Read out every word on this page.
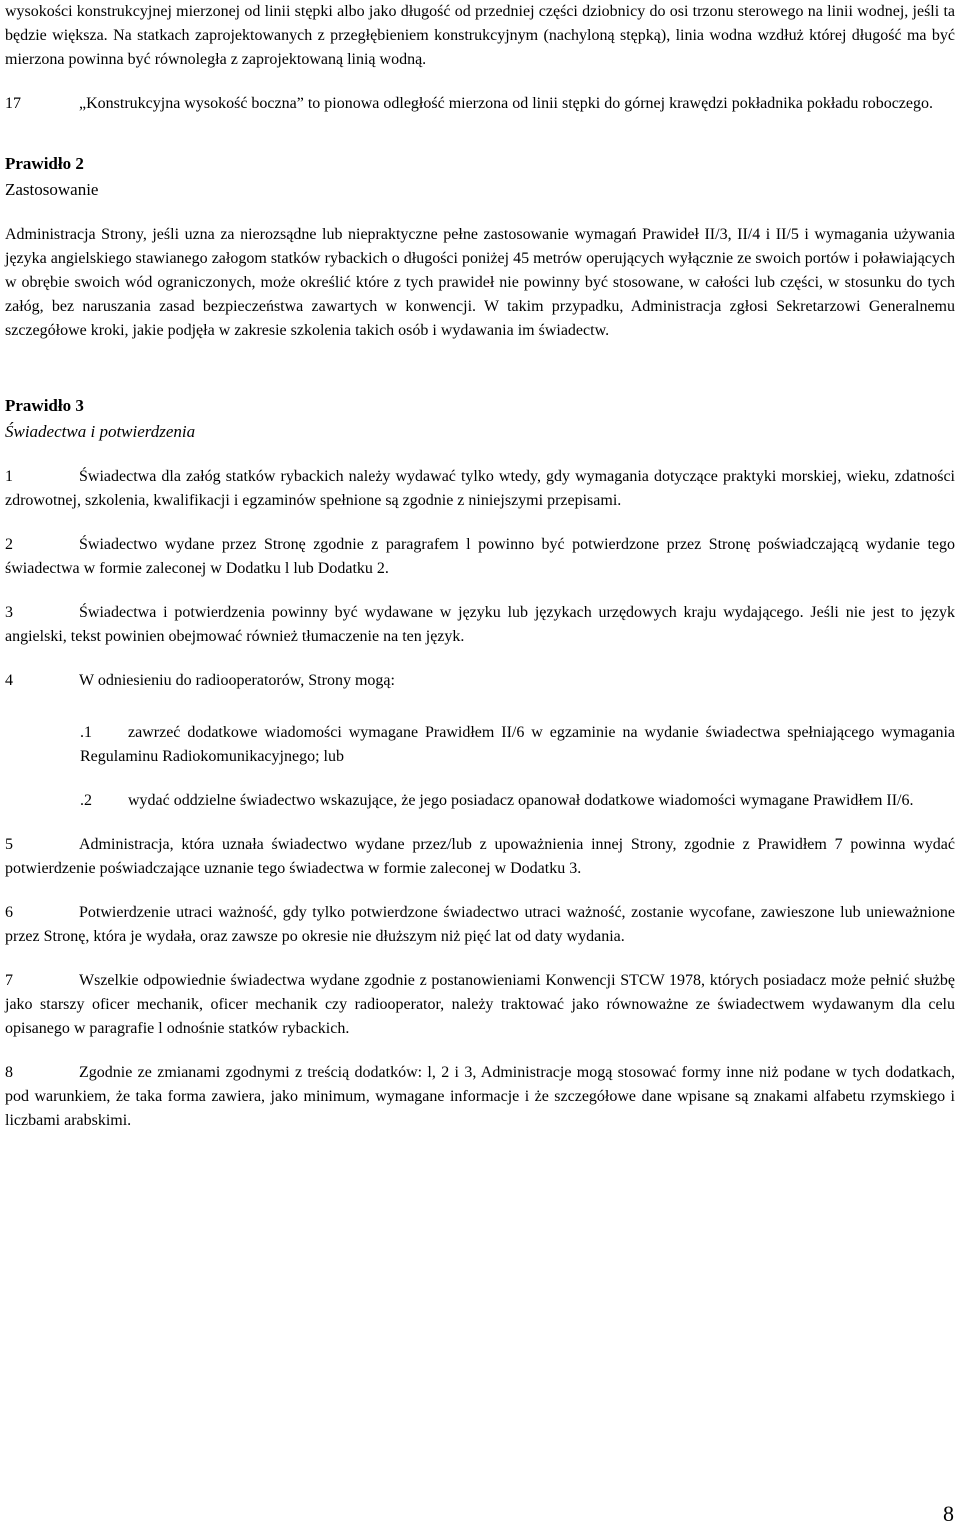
wysokości konstrukcyjnej mierzonej od linii stępki albo jako długość od przedniej części dziobnicy do osi trzonu sterowego na linii wodnej, jeśli ta będzie większa. Na statkach zaprojektowanych z przegłębieniem konstrukcyjnym (nachyloną stępką), linia wodna wzdłuż której długość ma być mierzona powinna być równoległa z zaprojektowaną linią wodną.

17	„Konstrukcyjna wysokość boczna” to pionowa odległość mierzona od linii stępki do górnej krawędzi pokładnika pokładu roboczego.

Prawidło 2
Zastosowanie

Administracja Strony, jeśli uzna za nierozsądne lub niepraktyczne pełne zastosowanie wymagań Prawideł II/3, II/4 i II/5 i wymagania używania języka angielskiego stawianego załogom statków rybackich o długości poniżej 45 metrów operujących wyłącznie ze swoich portów i poławiających w obrębie swoich wód ograniczonych, może określić które z tych prawideł nie powinny być stosowane, w całości lub części, w stosunku do tych załóg, bez naruszania zasad bezpieczeństwa zawartych w konwencji. W takim przypadku, Administracja zgłosi Sekretarzowi Generalnemu szczegółowe kroki, jakie podjęła w zakresie szkolenia takich osób i wydawania im świadectw.

Prawidło 3
Świadectwa i potwierdzenia

1	Świadectwa dla załóg statków rybackich należy wydawać tylko wtedy, gdy wymagania dotyczące praktyki morskiej, wieku, zdatności zdrowotnej, szkolenia, kwalifikacji i egzaminów spełnione są zgodnie z niniejszymi przepisami.

2	Świadectwo wydane przez Stronę zgodnie z paragrafem l powinno być potwierdzone przez Stronę poświadczającą wydanie tego świadectwa w formie zaleconej w Dodatku l lub Dodatku 2.

3	Świadectwa i potwierdzenia powinny być wydawane w języku lub językach urzędowych kraju wydającego. Jeśli nie jest to język angielski, tekst powinien obejmować również tłumaczenie na ten język.

4	W odniesieniu do radiooperatorów, Strony mogą:

.1 zawrzeć dodatkowe wiadomości wymagane Prawidłem II/6 w egzaminie na wydanie świadectwa spełniającego wymagania Regulaminu Radiokomunikacyjnego; lub

.2 wydać oddzielne świadectwo wskazujące, że jego posiadacz opanował dodatkowe wiadomości wymagane Prawidłem II/6.

5	Administracja, która uznała świadectwo wydane przez/lub z upoważnienia innej Strony, zgodnie z Prawidłem 7 powinna wydać potwierdzenie poświadczające uznanie tego świadectwa w formie zaleconej w Dodatku 3.

6	Potwierdzenie utraci ważność, gdy tylko potwierdzone świadectwo utraci ważność, zostanie wycofane, zawieszone lub unieważnione przez Stronę, która je wydała, oraz zawsze po okresie nie dłuższym niż pięć lat od daty wydania.

7	Wszelkie odpowiednie świadectwa wydane zgodnie z postanowieniami Konwencji STCW 1978, których posiadacz może pełnić służbę jako starszy oficer mechanik, oficer mechanik czy radiooperator, należy traktować jako równoważne ze świadectwem wydawanym dla celu opisanego w paragrafie l odnośnie statków rybackich.

8	Zgodnie ze zmianami zgodnymi z treścią dodatków: l, 2 i 3, Administracje mogą stosować formy inne niż podane w tych dodatkach, pod warunkiem, że taka forma zawiera, jako minimum, wymagane informacje i że szczegółowe dane wpisane są znakami alfabetu rzymskiego i liczbami arabskimi.

8
